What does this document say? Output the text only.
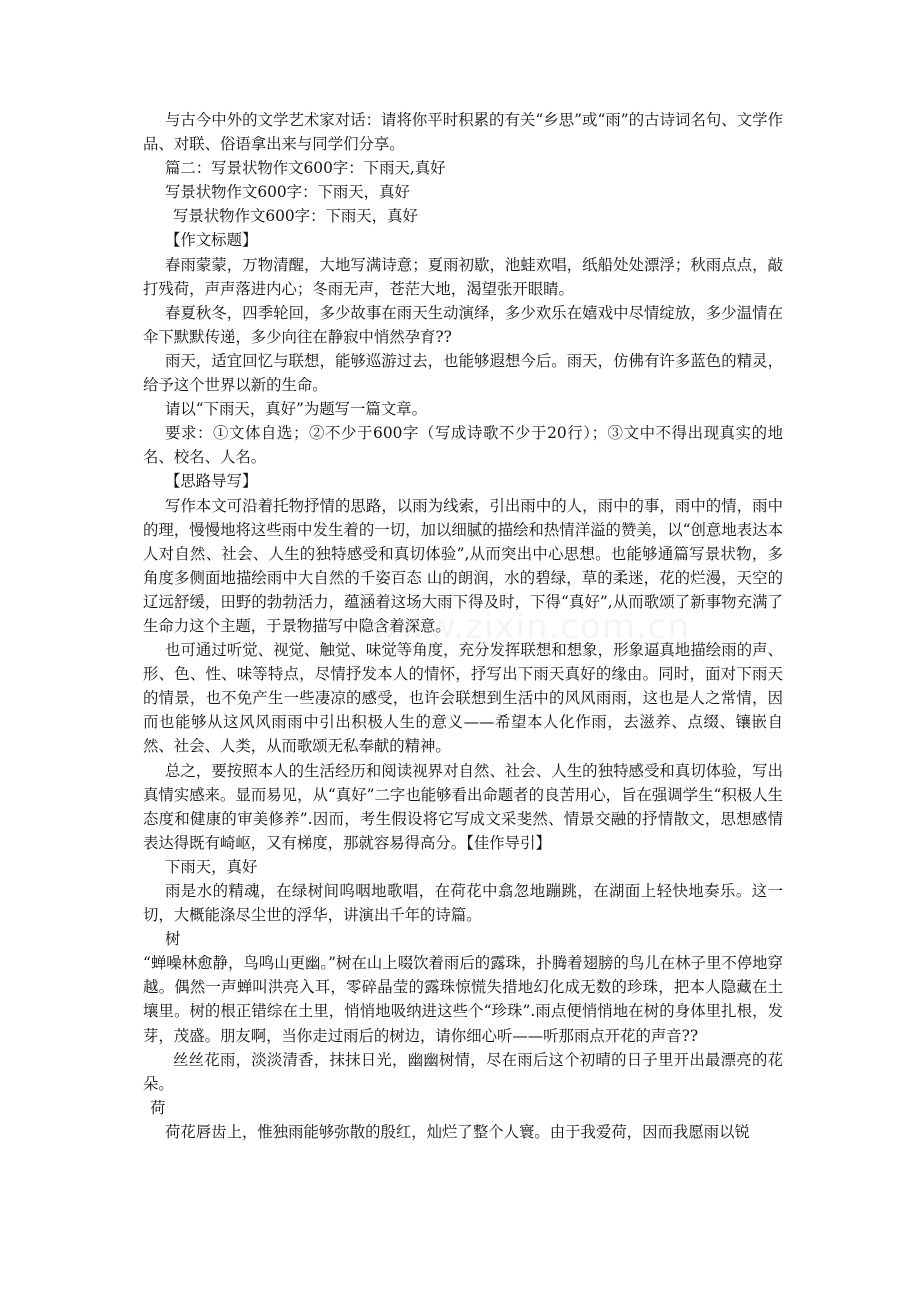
与古今中外的文学艺术家对话：请将你平时积累的有关“乡思”或“雨”的古诗词名句、文学作品、对联、俗语拿出来与同学们分享。

篇二：写景状物作文600字：下雨天,真好

写景状物作文600字：下雨天，真好

写景状物作文600字：下雨天，真好

【作文标题】

春雨蒙蒙，万物清醒，大地写满诗意；夏雨初歇，池蛙欢唱，纸船处处漂浮；秋雨点点，敲打残荷，声声落进内心；冬雨无声，苍茫大地，渴望张开眼睛。

春夏秋冬，四季轮回，多少故事在雨天生动演绎，多少欢乐在嬉戏中尽情绽放，多少温情在伞下默默传递，多少向往在静寂中悄然孕育??

雨天，适宜回忆与联想，能够巡游过去，也能够遐想今后。雨天，仿佛有许多蓝色的精灵，给予这个世界以新的生命。

请以“下雨天，真好”为题写一篇文章。

要求：①文体自选；②不少于600字（写成诗歌不少于20行）；③文中不得出现真实的地名、校名、人名。

【思路导写】

写作本文可沿着托物抒情的思路，以雨为线索，引出雨中的人，雨中的事，雨中的情，雨中的理，慢慢地将这些雨中发生着的一切，加以细腻的描绘和热情洋溢的赞美，以“创意地表达本人对自然、社会、人生的独特感受和真切体验”,从而突出中心思想。也能够通篇写景状物，多角度多侧面地描绘雨中大自然的千姿百态 山的朗润，水的碧绿，草的柔迷，花的烂漫，天空的辽远舒缓，田野的勃勃活力，蕴涵着这场大雨下得及时，下得“真好”,从而歌颂了新事物充满了生命力这个主题，于景物描写中隐含着深意。

也可通过听觉、视觉、触觉、味觉等角度，充分发挥联想和想象，形象逼真地描绘雨的声、形、色、性、味等特点，尽情抒发本人的情怀，抒写出下雨天真好的缘由。同时，面对下雨天的情景，也不免产生一些凄凉的感受，也许会联想到生活中的风风雨雨，这也是人之常情，因而也能够从这风风雨雨中引出积极人生的意义——希望本人化作雨，去滋养、点缀、镶嵌自然、社会、人类，从而歌颂无私奉献的精神。

总之，要按照本人的生活经历和阅读视界对自然、社会、人生的独特感受和真切体验，写出真情实感来。显而易见，从“真好”二字也能够看出命题者的良苦用心，旨在强调学生“积极人生态度和健康的审美修养”.因而，考生假设将它写成文采斐然、情景交融的抒情散文，思想感情表达得既有崎岖，又有梯度，那就容易得高分。【佳作导引】

下雨天，真好

雨是水的精魂，在绿树间呜咽地歌唱，在荷花中翕忽地蹦跳，在湖面上轻快地奏乐。这一切，大概能涤尽尘世的浮华，讲演出千年的诗篇。

树

“蝉噪林愈静，鸟鸣山更幽。”树在山上啜饮着雨后的露珠，扑腾着翅膀的鸟儿在林子里不停地穿越。偶然一声蝉叫洪亮入耳，零碎晶莹的露珠惊慌失措地幻化成无数的珍珠，把本人隐藏在土壤里。树的根正错综在土里，悄悄地吸纳进这些个“珍珠”.雨点便悄悄地在树的身体里扎根，发芽，茂盛。朋友啊，当你走过雨后的树边，请你细心听——听那雨点开花的声音??

丝丝花雨，淡淡清香，抹抹日光，幽幽树情，尽在雨后这个初晴的日子里开出最漂亮的花朵。

荷

荷花唇齿上，惟独雨能够弥散的殷红，灿烂了整个人寰。由于我爱荷，因而我愿雨以锐
